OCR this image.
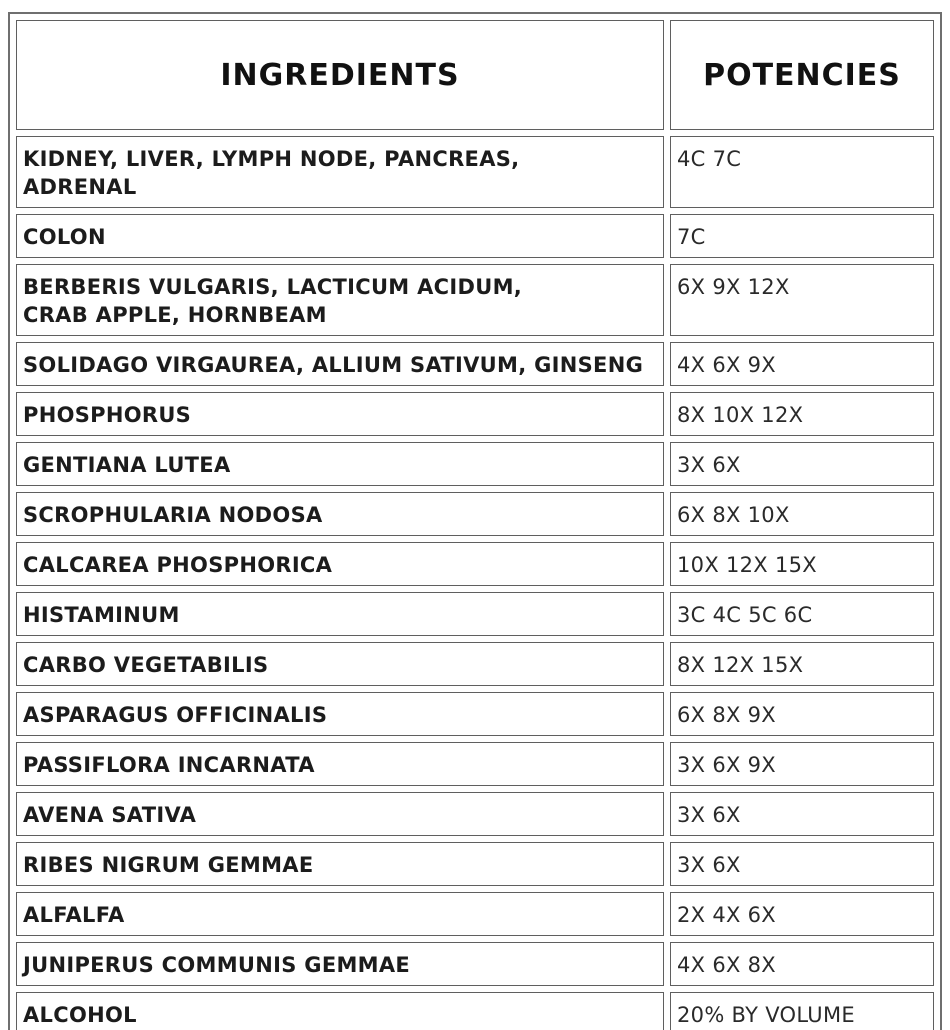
INGREDIENTS	POTENCIES
KIDNEY, LIVER, LYMPH NODE, PANCREAS,
ADRENAL	4C 7C
COLON	7C
BERBERIS VULGARIS, LACTICUM ACIDUM,
CRAB APPLE, HORNBEAM	6X 9X 12X
SOLIDAGO VIRGAUREA, ALLIUM SATIVUM, GINSENG	4X 6X 9X
PHOSPHORUS	8X 10X 12X
GENTIANA LUTEA	3X 6X
SCROPHULARIA NODOSA	6X 8X 10X
CALCAREA PHOSPHORICA	10X 12X 15X
HISTAMINUM	3C 4C 5C 6C
CARBO VEGETABILIS	8X 12X 15X
ASPARAGUS OFFICINALIS	6X 8X 9X
PASSIFLORA INCARNATA	3X 6X 9X
AVENA SATIVA	3X 6X
RIBES NIGRUM GEMMAE	3X 6X
ALFALFA	2X 4X 6X
JUNIPERUS COMMUNIS GEMMAE	4X 6X 8X
ALCOHOL	20% BY VOLUME
